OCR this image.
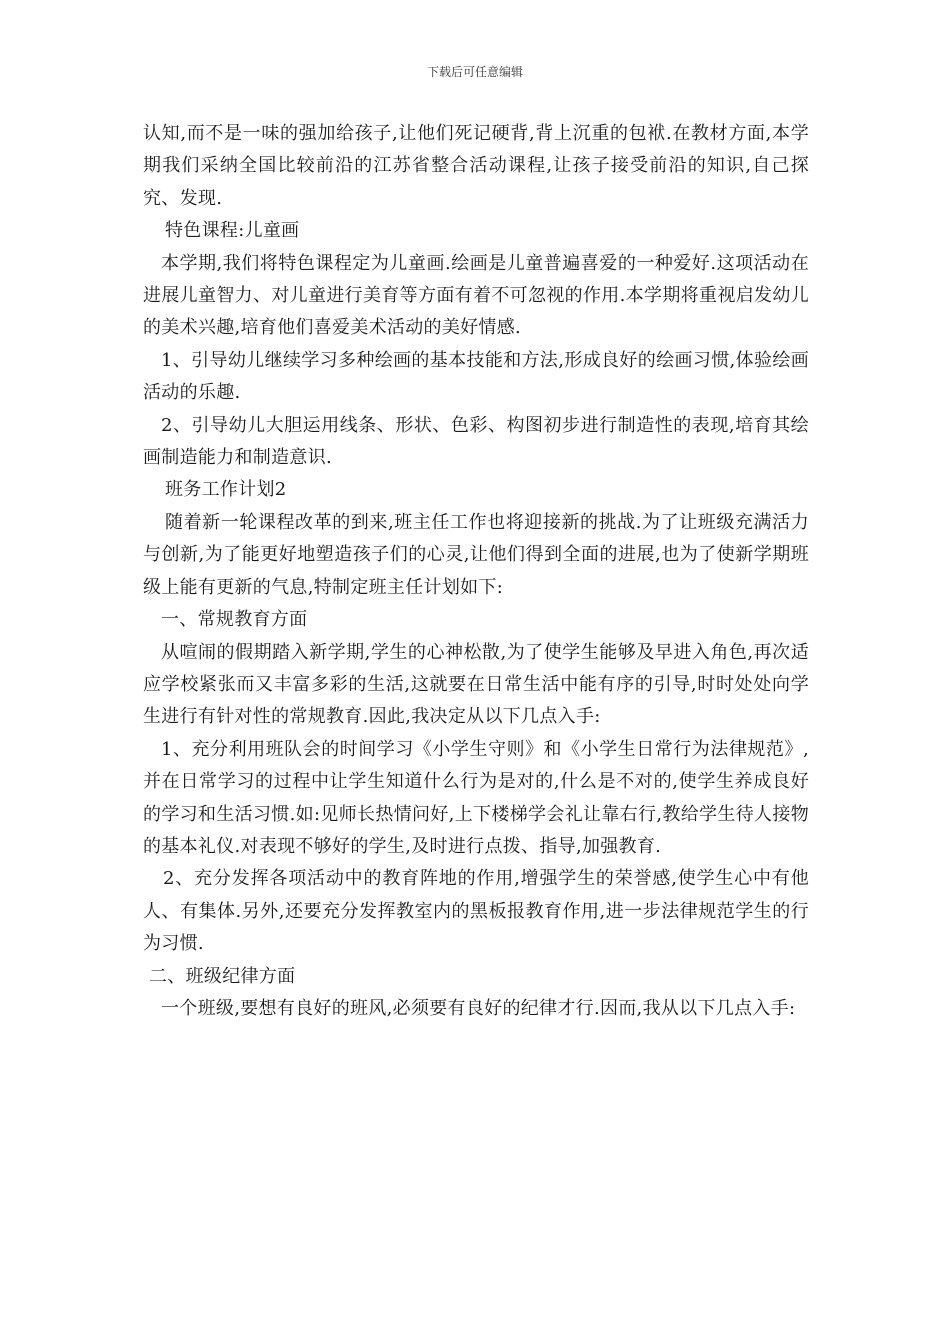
下载后可任意编辑

认知,而不是一味的强加给孩子,让他们死记硬背,背上沉重的包袱.在教材方面,本学期我们采纳全国比较前沿的江苏省整合活动课程,让孩子接受前沿的知识,自己探究、发现.

特色课程:儿童画

本学期,我们将特色课程定为儿童画.绘画是儿童普遍喜爱的一种爱好.这项活动在进展儿童智力、对儿童进行美育等方面有着不可忽视的作用.本学期将重视启发幼儿的美术兴趣,培育他们喜爱美术活动的美好情感.

1、引导幼儿继续学习多种绘画的基本技能和方法,形成良好的绘画习惯,体验绘画活动的乐趣.

2、引导幼儿大胆运用线条、形状、色彩、构图初步进行制造性的表现,培育其绘画制造能力和制造意识.

班务工作计划2

随着新一轮课程改革的到来,班主任工作也将迎接新的挑战.为了让班级充满活力与创新,为了能更好地塑造孩子们的心灵,让他们得到全面的进展,也为了使新学期班级上能有更新的气息,特制定班主任计划如下:

一、常规教育方面

从喧闹的假期踏入新学期,学生的心神松散,为了使学生能够及早进入角色,再次适应学校紧张而又丰富多彩的生活,这就要在日常生活中能有序的引导,时时处处向学生进行有针对性的常规教育.因此,我决定从以下几点入手:

1、充分利用班队会的时间学习《小学生守则》和《小学生日常行为法律规范》,并在日常学习的过程中让学生知道什么行为是对的,什么是不对的,使学生养成良好的学习和生活习惯.如:见师长热情问好,上下楼梯学会礼让靠右行,教给学生待人接物的基本礼仪.对表现不够好的学生,及时进行点拨、指导,加强教育.

2、充分发挥各项活动中的教育阵地的作用,增强学生的荣誉感,使学生心中有他人、有集体.另外,还要充分发挥教室内的黑板报教育作用,进一步法律规范学生的行为习惯.

二、班级纪律方面

一个班级,要想有良好的班风,必须要有良好的纪律才行.因而,我从以下几点入手:
